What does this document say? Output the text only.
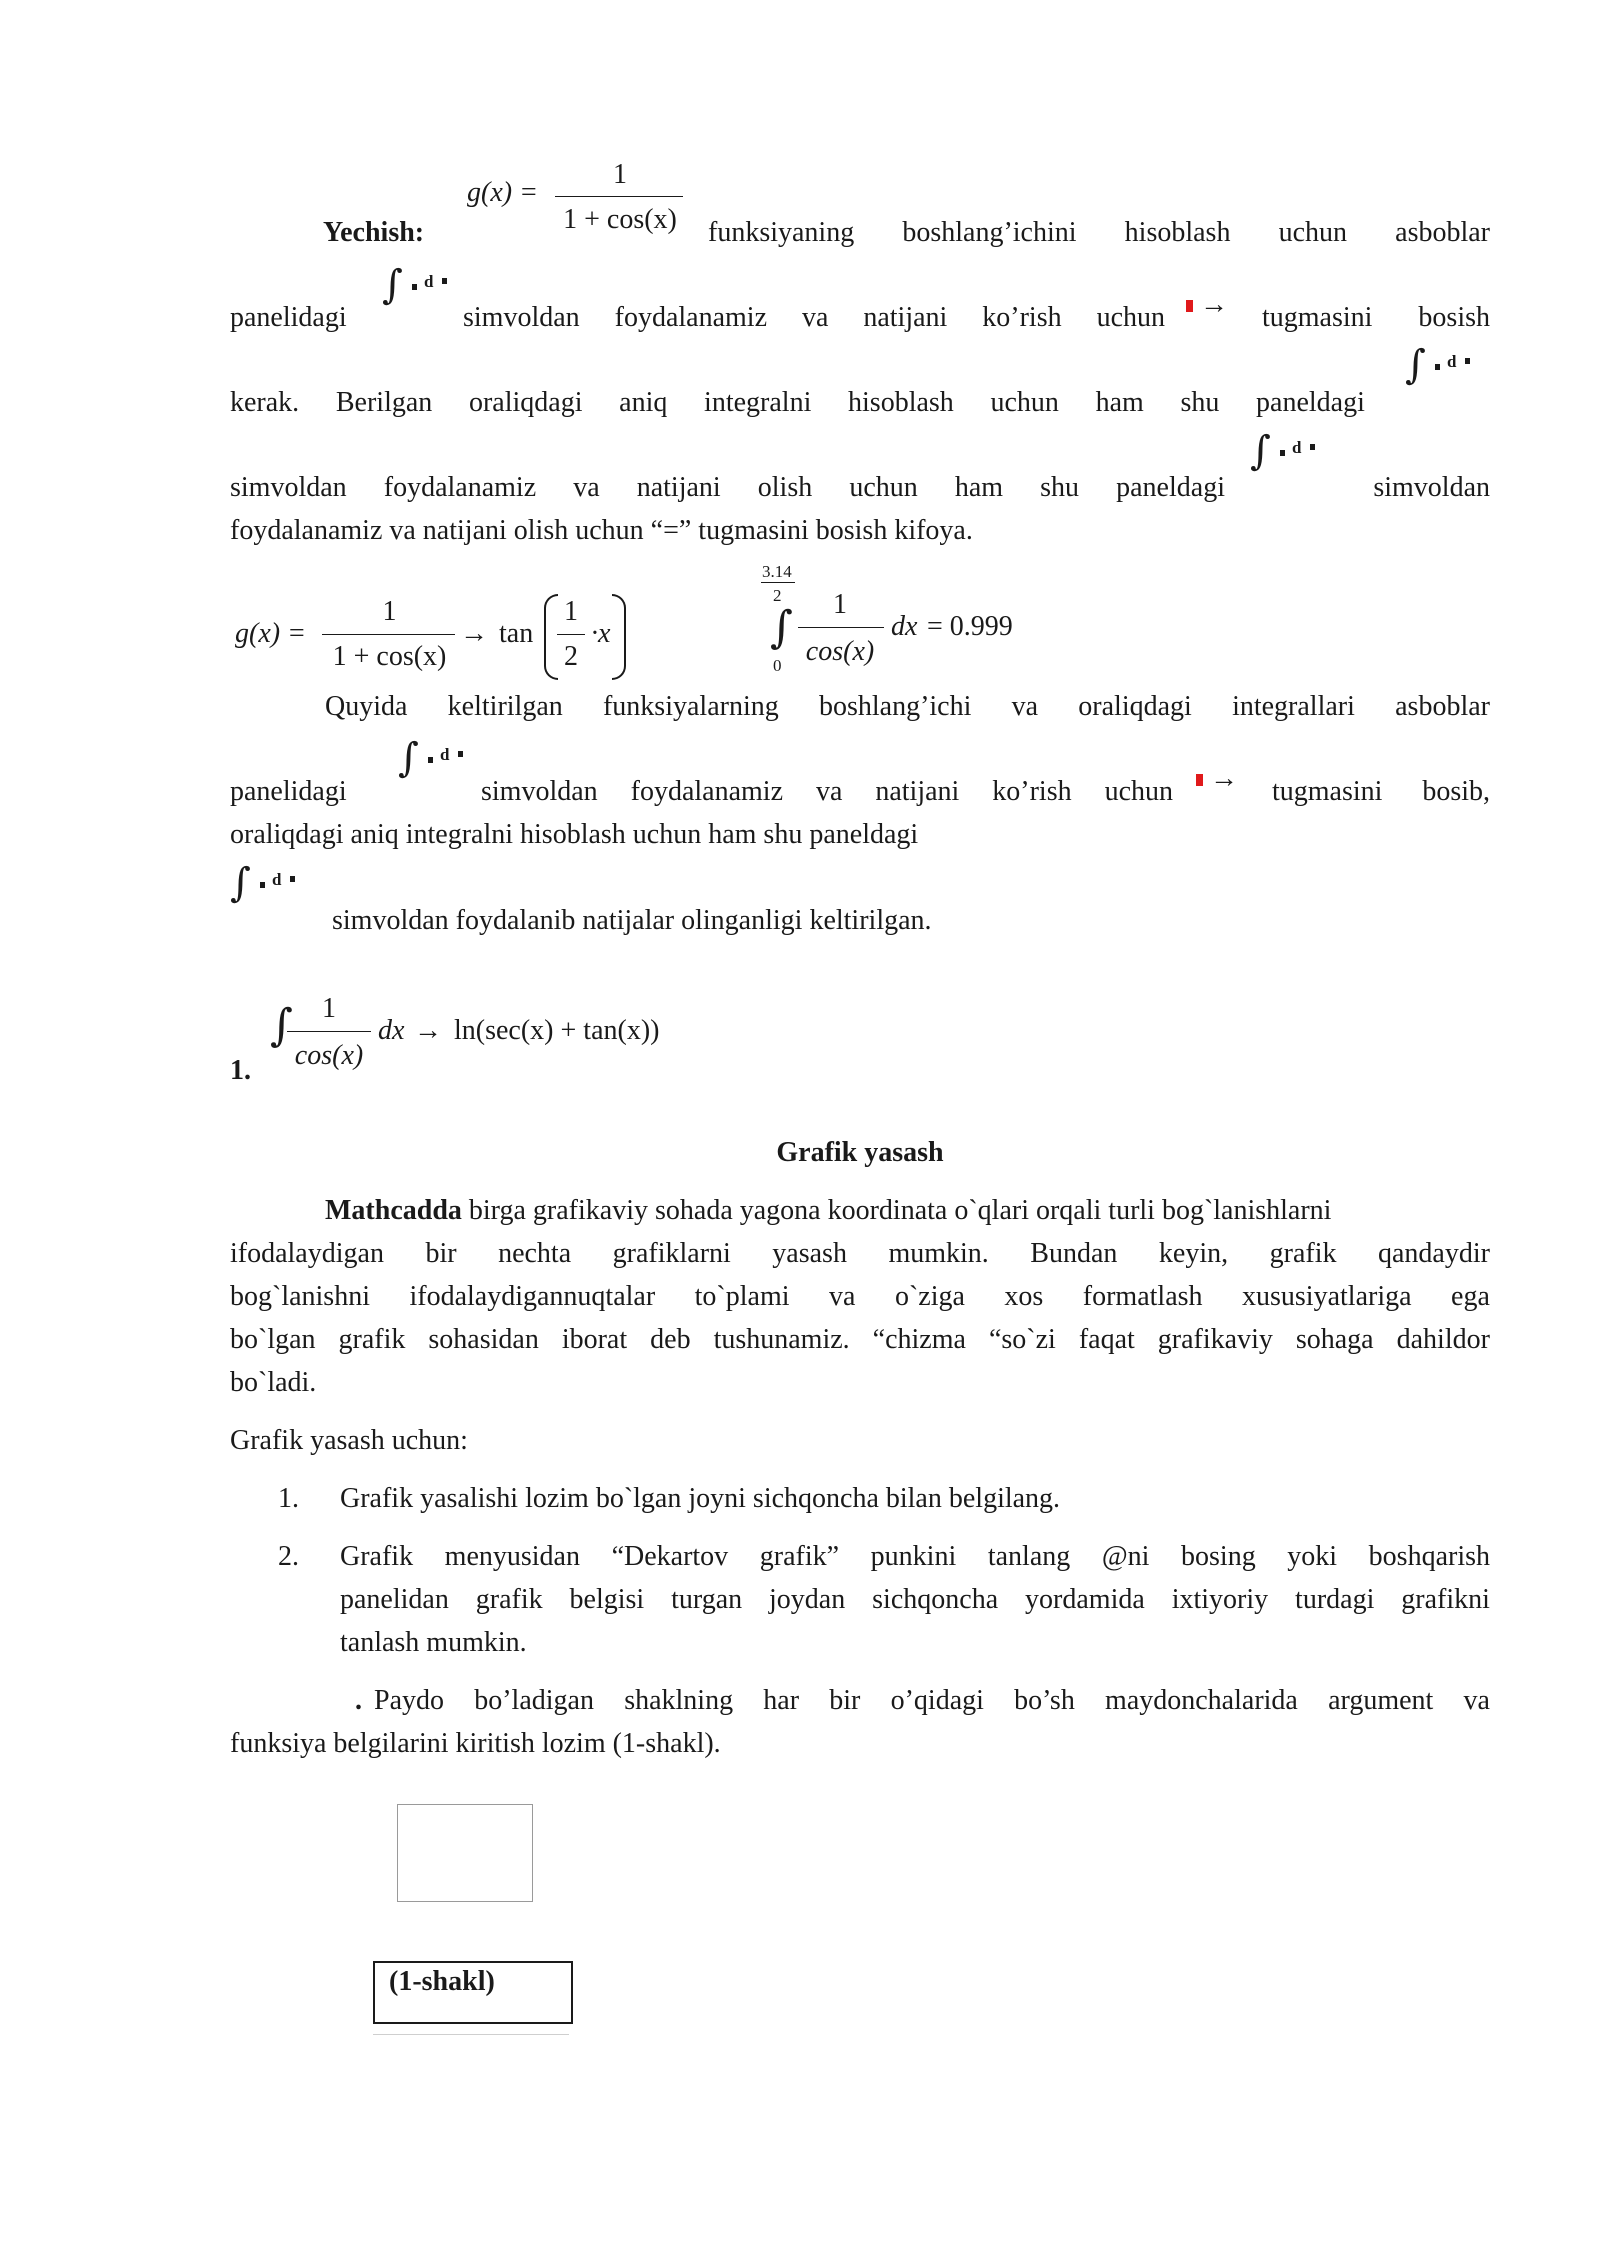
g(x) =
1
1 + cos(x)
Yechish:	funksiyaning boshlang’ichini hisoblash uchun asboblar
panelidagi
∫ d
simvoldan foydalanamiz va natijani ko’rish uchun → tugmasini bosish
kerak. Berilgan oraliqdagi aniq integralni hisoblash uchun ham shu paneldagi
∫ d
simvoldan foydalanamiz va natijani olish uchun ham shu paneldagi
∫ d
simvoldan
foydalanamiz va natijani olish uchun “=” tugmasini bosish kifoya.
g(x) =
1
1 + cos(x)
→ tan
1
2
·x
3.14
2
∫
0
1
cos(x)
dx = 0.999
Quyida keltirilgan funksiyalarning boshlang’ichi va oraliqdagi integrallari asboblar
panelidagi
∫ d
simvoldan foydalanamiz va natijani ko’rish uchun → tugmasini bosib,
oraliqdagi aniq integralni hisoblash uchun ham shu paneldagi
∫ d
simvoldan foydalanib natijalar olinganligi keltirilgan.
1.
∫	1
cos(x)
dx → ln(sec(x) + tan(x))
Grafik yasash
Mathcadda birga grafikaviy sohada yagona koordinata o`qlari orqali turli bog`lanishlarni
ifodalaydigan bir nechta grafiklarni yasash mumkin. Bundan keyin, grafik qandaydir
bog`lanishni ifodalaydigannuqtalar to`plami va o`ziga xos formatlash xususiyatlariga ega
bo`lgan grafik sohasidan iborat deb tushunamiz. “chizma “so`zi faqat grafikaviy sohaga dahildor
bo`ladi.
Grafik yasash uchun:
1. Grafik yasalishi lozim bo`lgan joyni sichqoncha bilan belgilang.
2. Grafik menyusidan “Dekartov grafik” punkini tanlang @ni bosing yoki boshqarish
panelidan grafik belgisi turgan joydan sichqoncha yordamida ixtiyoriy turdagi grafikni
tanlash mumkin.
. Paydo bo’ladigan shaklning har bir o’qidagi bo’sh maydonchalarida argument va
funksiya belgilarini kiritish lozim (1-shakl).
(1-shakl)
